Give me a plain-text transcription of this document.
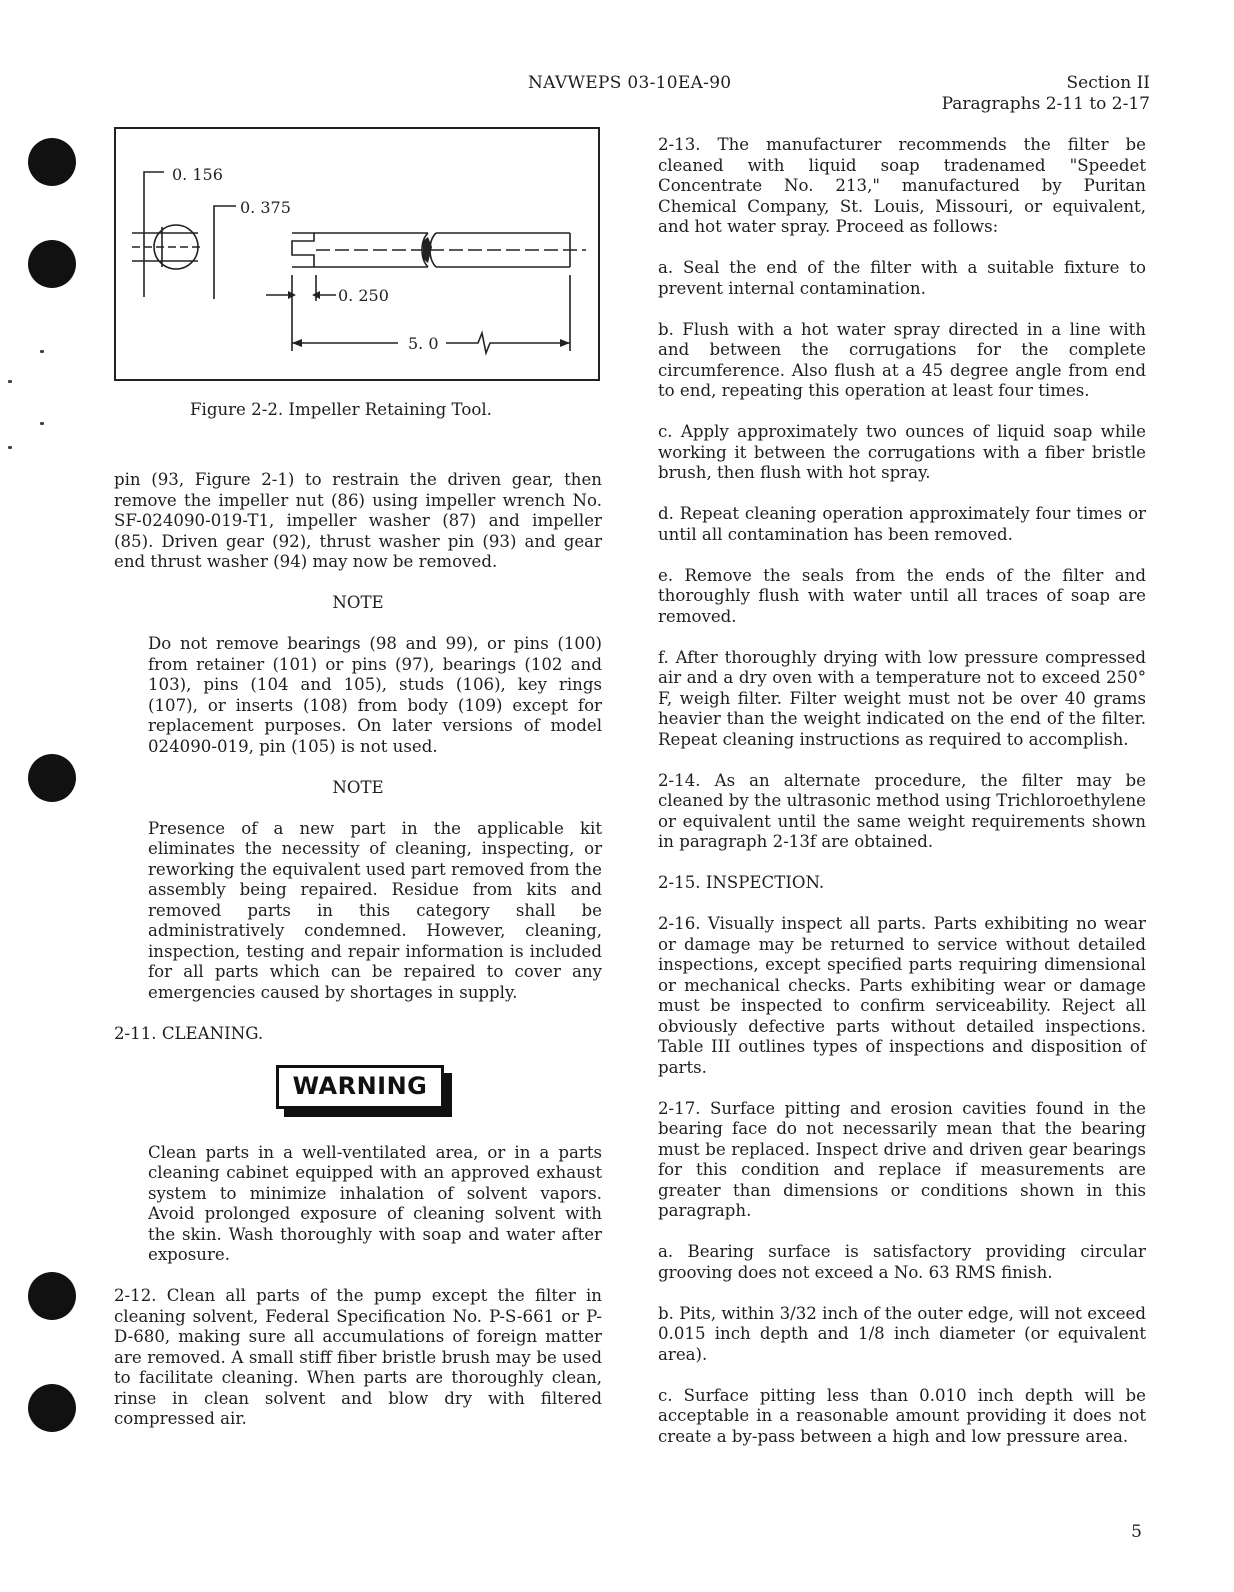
NAVWEPS 03-10EA-90	Section II
Paragraphs 2-11 to 2-17
0. 156
0. 375
0. 250
5. 0
Figure 2-2. Impeller Retaining Tool.

pin (93, Figure 2-1) to restrain the driven gear, then remove the impeller nut (86) using impeller wrench No. SF-024090-019-T1, impeller washer (87) and impeller (85). Driven gear (92), thrust washer pin (93) and gear end thrust washer (94) may now be removed.

NOTE

Do not remove bearings (98 and 99), or pins (100) from retainer (101) or pins (97), bearings (102 and 103), pins (104 and 105), studs (106), key rings (107), or inserts (108) from body (109) except for replacement purposes. On later versions of model 024090-019, pin (105) is not used.

NOTE

Presence of a new part in the applicable kit eliminates the necessity of cleaning, inspecting, or reworking the equivalent used part removed from the assembly being repaired. Residue from kits and removed parts in this category shall be administratively condemned. However, cleaning, inspection, testing and repair information is included for all parts which can be repaired to cover any emergencies caused by shortages in supply.

2-11. CLEANING.

WARNING

Clean parts in a well-ventilated area, or in a parts cleaning cabinet equipped with an approved exhaust system to minimize inhalation of solvent vapors. Avoid prolonged exposure of cleaning solvent with the skin. Wash thoroughly with soap and water after exposure.

2-12. Clean all parts of the pump except the filter in cleaning solvent, Federal Specification No. P-S-661 or P-D-680, making sure all accumulations of foreign matter are removed. A small stiff fiber bristle brush may be used to facilitate cleaning. When parts are thoroughly clean, rinse in clean solvent and blow dry with filtered compressed air.

2-13. The manufacturer recommends the filter be cleaned with liquid soap tradenamed "Speedet Concentrate No. 213," manufactured by Puritan Chemical Company, St. Louis, Missouri, or equivalent, and hot water spray. Proceed as follows:

a. Seal the end of the filter with a suitable fixture to prevent internal contamination.

b. Flush with a hot water spray directed in a line with and between the corrugations for the complete circumference. Also flush at a 45 degree angle from end to end, repeating this operation at least four times.

c. Apply approximately two ounces of liquid soap while working it between the corrugations with a fiber bristle brush, then flush with hot spray.

d. Repeat cleaning operation approximately four times or until all contamination has been removed.

e. Remove the seals from the ends of the filter and thoroughly flush with water until all traces of soap are removed.

f. After thoroughly drying with low pressure compressed air and a dry oven with a temperature not to exceed 250° F, weigh filter. Filter weight must not be over 40 grams heavier than the weight indicated on the end of the filter. Repeat cleaning instructions as required to accomplish.

2-14. As an alternate procedure, the filter may be cleaned by the ultrasonic method using Trichloroethylene or equivalent until the same weight requirements shown in paragraph 2-13f are obtained.

2-15. INSPECTION.

2-16. Visually inspect all parts. Parts exhibiting no wear or damage may be returned to service without detailed inspections, except specified parts requiring dimensional or mechanical checks. Parts exhibiting wear or damage must be inspected to confirm serviceability. Reject all obviously defective parts without detailed inspections. Table III outlines types of inspections and disposition of parts.

2-17. Surface pitting and erosion cavities found in the bearing face do not necessarily mean that the bearing must be replaced. Inspect drive and driven gear bearings for this condition and replace if measurements are greater than dimensions or conditions shown in this paragraph.

a. Bearing surface is satisfactory providing circular grooving does not exceed a No. 63 RMS finish.

b. Pits, within 3/32 inch of the outer edge, will not exceed 0.015 inch depth and 1/8 inch diameter (or equivalent area).

c. Surface pitting less than 0.010 inch depth will be acceptable in a reasonable amount providing it does not create a by-pass between a high and low pressure area.

5
